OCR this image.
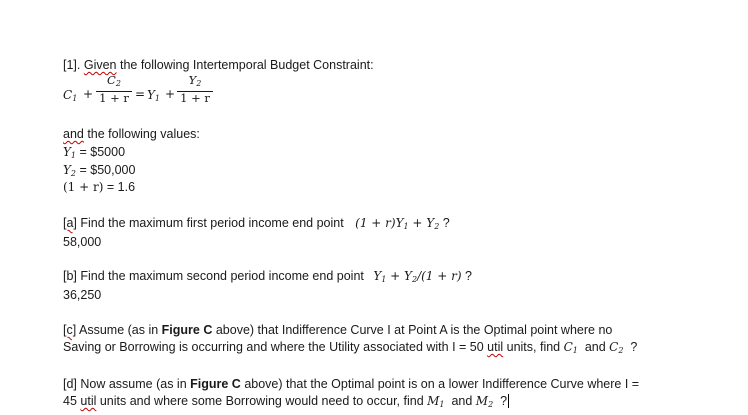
[1]. Given the following Intertemporal Budget Constraint:
$C_1$ +
$C_2$
$1 + r = Y_1$ +
$Y_2$
1 + r
and the following values:
$Y_1$ = $5000
$Y_2$ = $50,000
(1 + r) = 1.6
[a] Find the maximum first period income end point $(1 + r)Y_1 + Y_2$ ?
58,000
[b] Find the maximum second period income end point $Y_1 + Y_2/(1 + r)$ ?
36,250
[c] Assume (as in Figure C above) that Indifference Curve I at Point A is the Optimal point where no
Saving or Borrowing is occurring and where the Utility associated with I = 50 util units, find $C_1$  and $C_2$  ?
[d] Now assume (as in Figure C above) that the Optimal point is on a lower Indifference Curve where I =
45 util units and where some Borrowing would need to occur, find $M_1$  and $M_2$  ?
